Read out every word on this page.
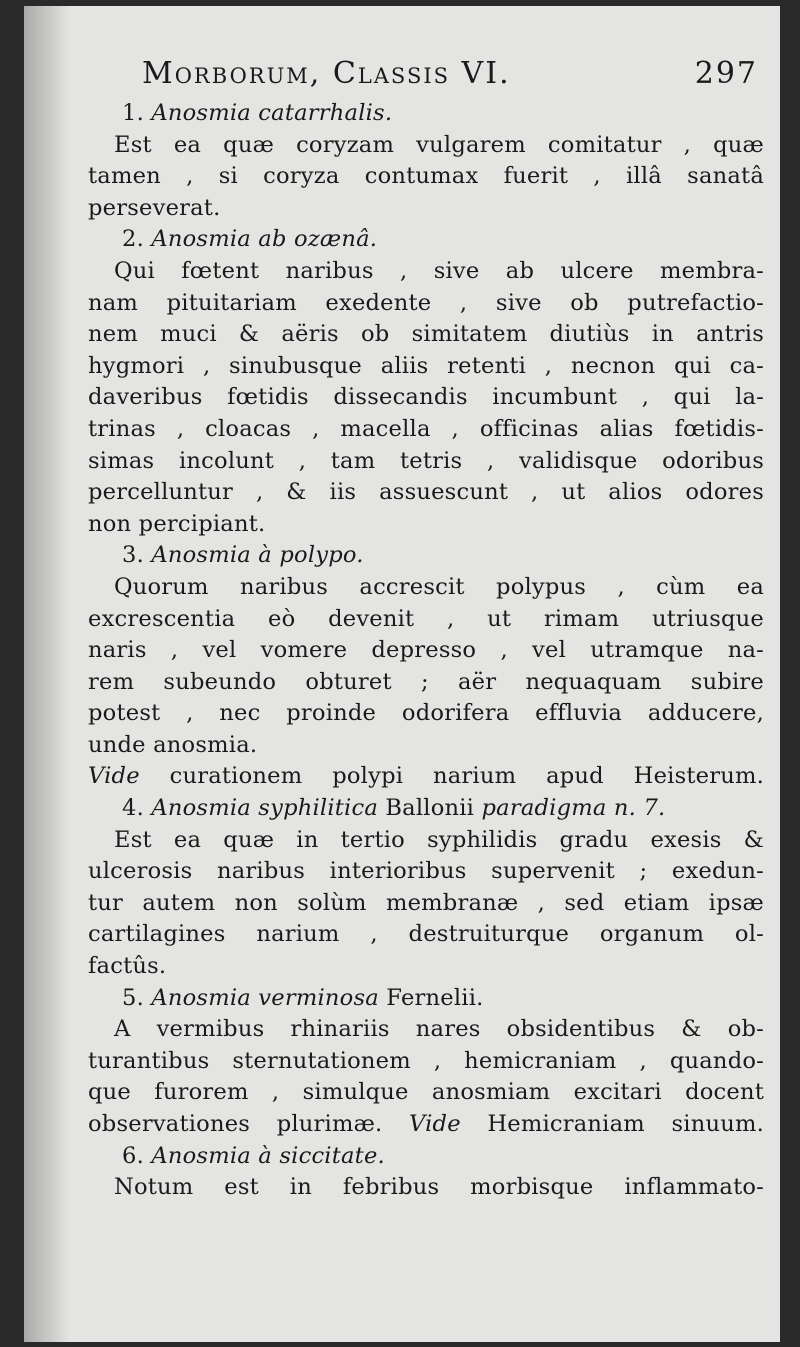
Morborum, Classis VI.	297
1. Anosmia catarrhalis.
Est ea quæ coryzam vulgarem comitatur , quæ
tamen , si coryza contumax fuerit , illâ sanatâ
perseverat.
2. Anosmia ab ozænâ.
Qui fœtent naribus , sive ab ulcere membra-
nam pituitariam exedente , sive ob putrefactio-
nem muci & aëris ob simitatem diutiùs in antris
hygmori , sinubusque aliis retenti , necnon qui ca-
daveribus fœtidis dissecandis incumbunt , qui la-
trinas , cloacas , macella , officinas alias fœtidis-
simas incolunt , tam tetris , validisque odoribus
percelluntur , & iis assuescunt , ut alios odores
non percipiant.
3. Anosmia à polypo.
Quorum naribus accrescit polypus , cùm ea
excrescentia eò devenit , ut rimam utriusque
naris , vel vomere depresso , vel utramque na-
rem subeundo obturet ; aër nequaquam subire
potest , nec proinde odorifera effluvia adducere,
unde anosmia.
Vide curationem polypi narium apud Heisterum.
4. Anosmia syphilitica Ballonii paradigma n. 7.
Est ea quæ in tertio syphilidis gradu exesis &
ulcerosis naribus interioribus supervenit ; exedun-
tur autem non solùm membranæ , sed etiam ipsæ
cartilagines narium , destruiturque organum ol-
factûs.
5. Anosmia verminosa Fernelii.
A vermibus rhinariis nares obsidentibus & ob-
turantibus sternutationem , hemicraniam , quando-
que furorem , simulque anosmiam excitari docent
observationes plurimæ. Vide Hemicraniam sinuum.
6. Anosmia à siccitate.
Notum est in febribus morbisque inflammato-
